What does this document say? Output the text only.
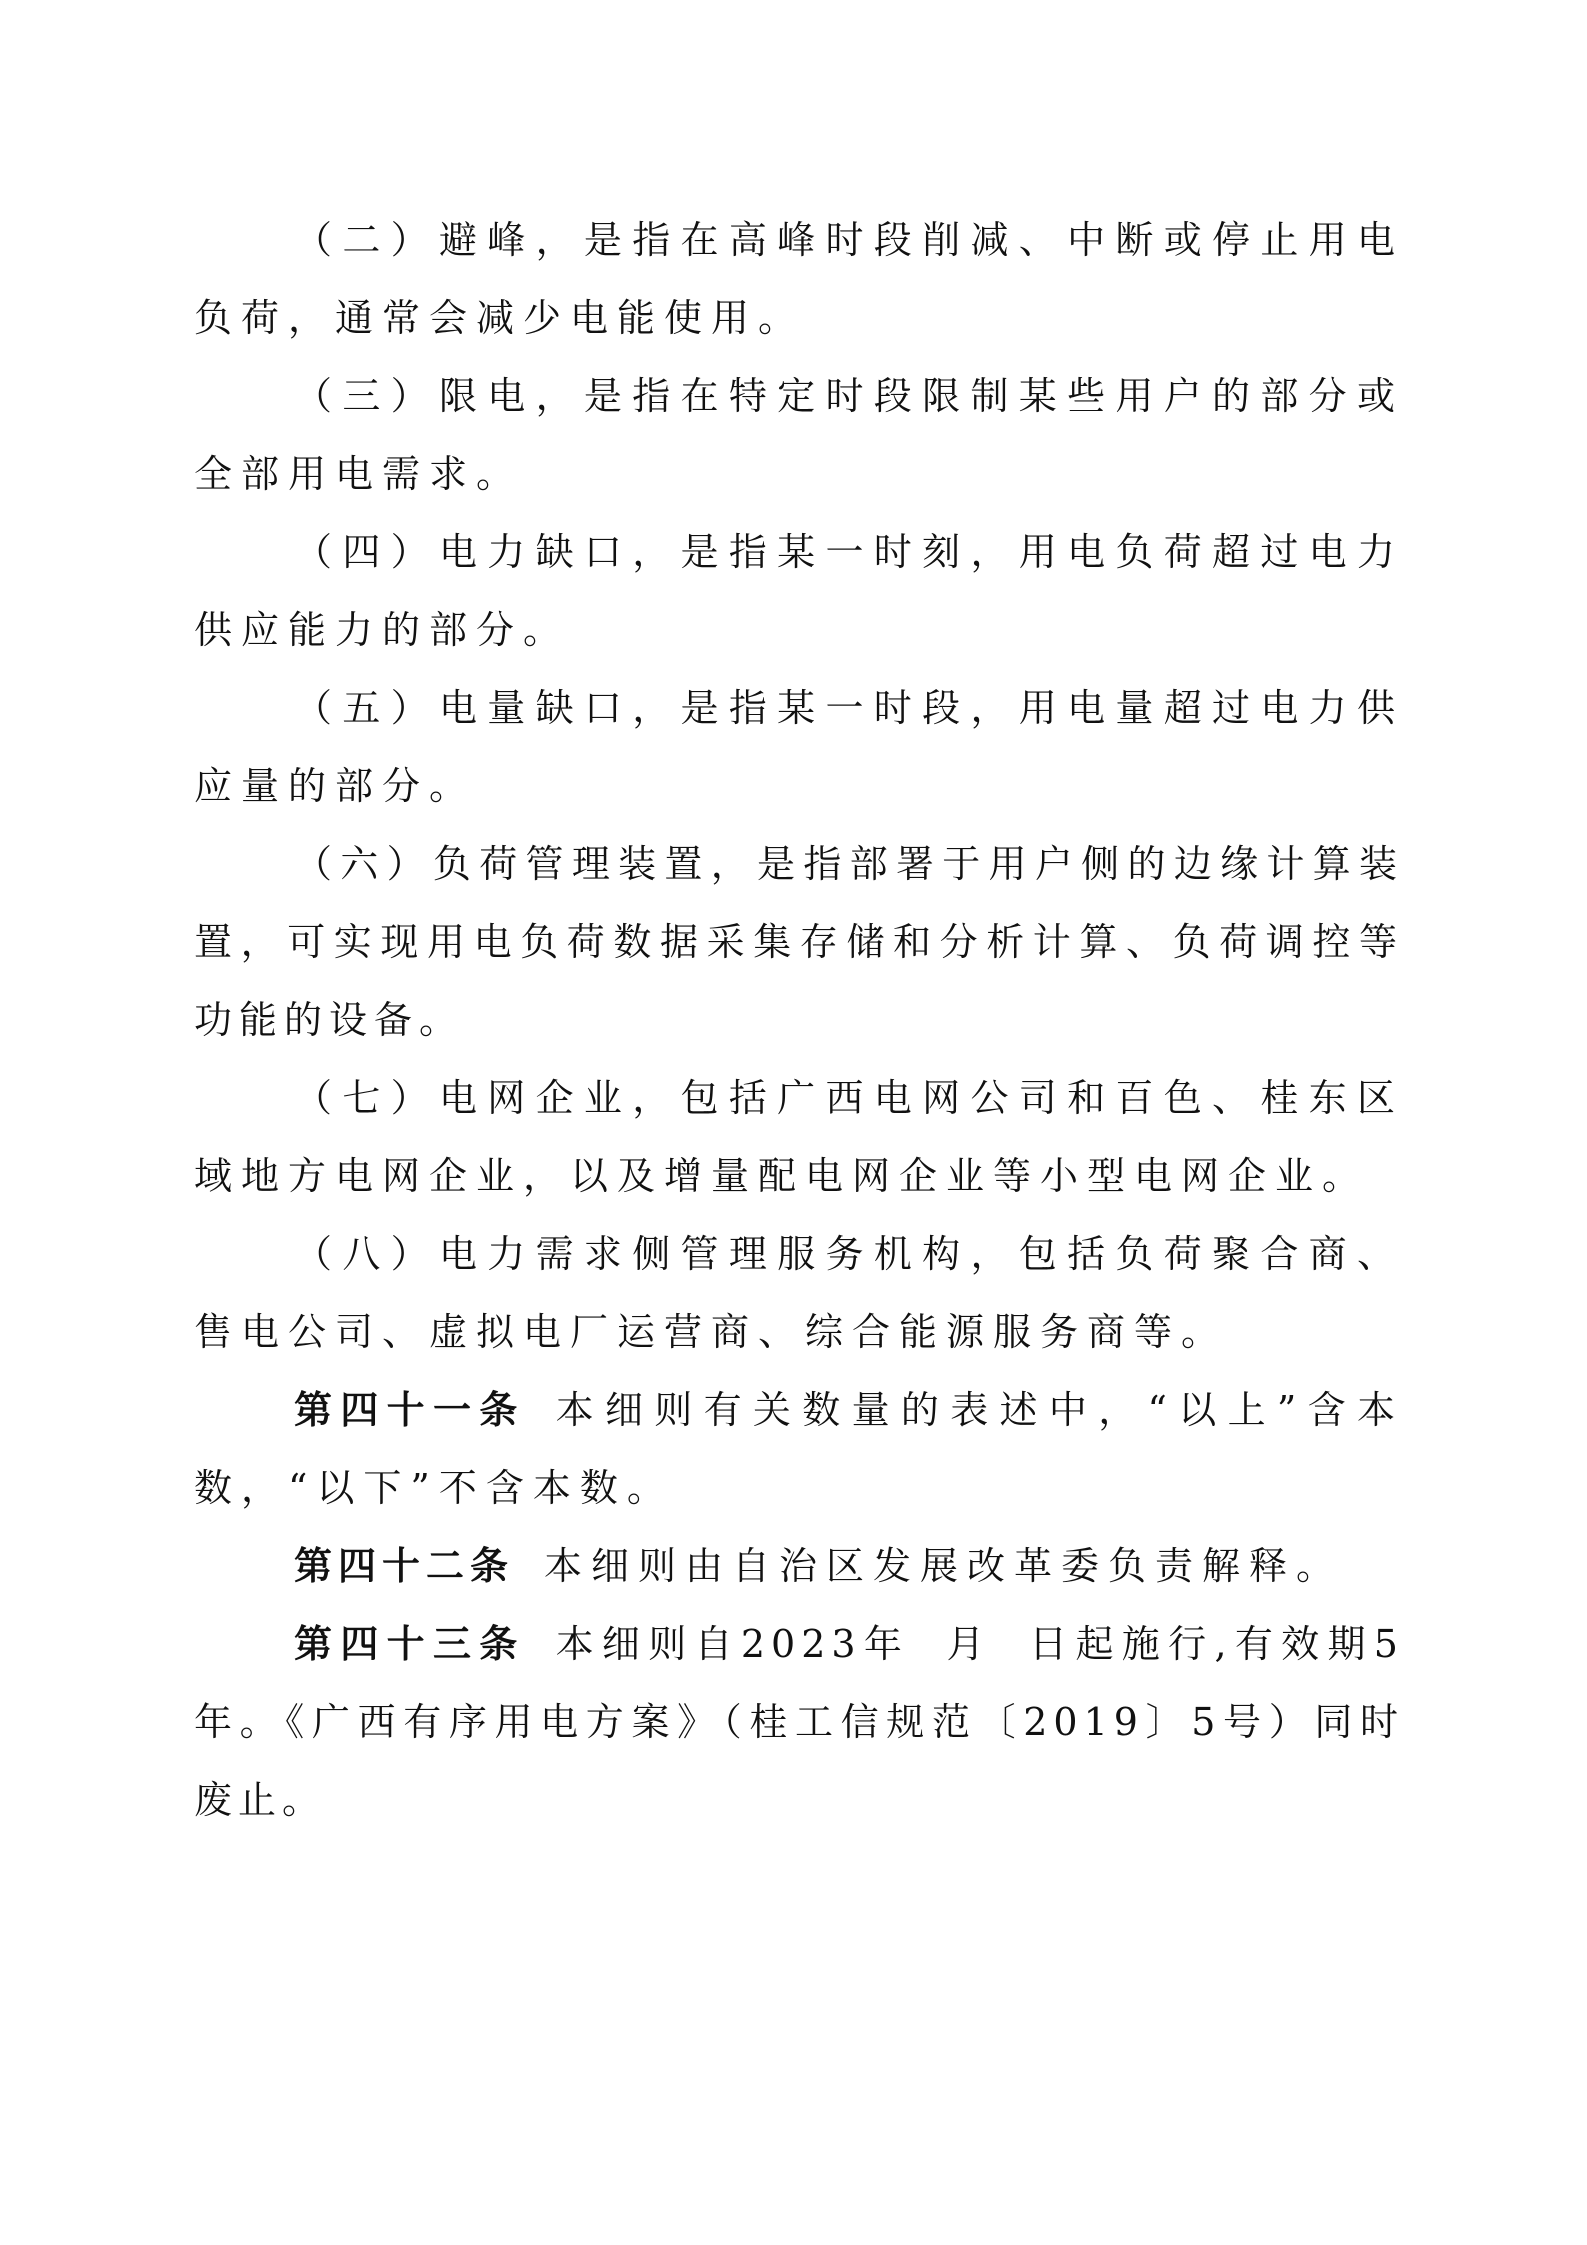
（二）避峰，是指在高峰时段削减、中断或停止用电负荷，通常会减少电能使用。

（三）限电，是指在特定时段限制某些用户的部分或全部用电需求。

（四）电力缺口，是指某一时刻，用电负荷超过电力供应能力的部分。

（五）电量缺口，是指某一时段，用电量超过电力供应量的部分。

（六）负荷管理装置，是指部署于用户侧的边缘计算装置，可实现用电负荷数据采集存储和分析计算、负荷调控等功能的设备。

（七）电网企业，包括广西电网公司和百色、桂东区域地方电网企业，以及增量配电网企业等小型电网企业。

（八）电力需求侧管理服务机构，包括负荷聚合商、售电公司、虚拟电厂运营商、综合能源服务商等。

第四十一条 本细则有关数量的表述中，“以上”含本数，“以下”不含本数。

第四十二条 本细则由自治区发展改革委负责解释。

第四十三条 本细则自2023年 月 日起施行,有效期5年。《广西有序用电方案》（桂工信规范〔2019〕5号）同时废止。
